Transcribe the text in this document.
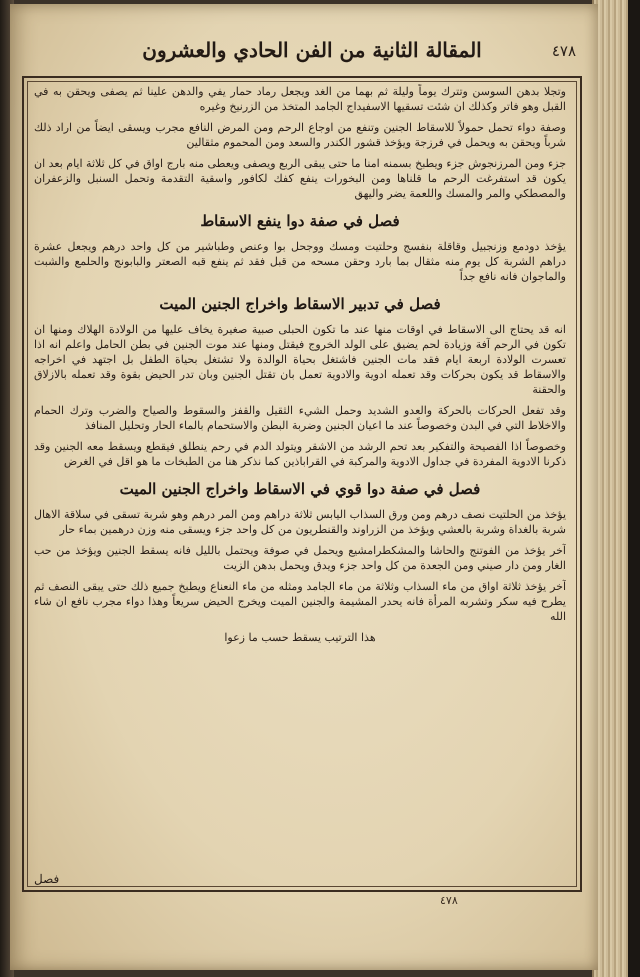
٤٧٨
المقالة الثانية من الفن الحادي والعشرون

وتجلا بدهن السوسن وتترك يوماً وليلة ثم بهما من الغد ويجعل رماد حمار يفي والدهن علينا ثم يصفى ويحقن به في القبل وهو فاتر وكذلك ان شئت تسقيها الاسفيداج الجامد المتخذ من الزرنيخ وغيره

وصفة دواء تحمل حمولاً للاسقاط الجنين وتنفع من اوجاع الرحم ومن المرض النافع مجرب ويسقى ايضاً من اراد ذلك شرباً ويحقن به ويحمل في فرزجة ويؤخذ قشور الكندر والسعد ومن المحموم مثقالين

جزء ومن المرزنجوش جزء ويطبخ بسمنه امنا ما حتى يبقى الربع ويصفى ويعطى منه بارج اواق في كل ثلاثة ايام بعد ان يكون قد استفرغت الرحم ما قلناها ومن البخورات ينفع كفك لكافور واسقية التقدمة وتحمل السنبل والزعفران والمصطكي والمر والمسك واللعمة يضر واليهق

فصل في صفة دوا ينفع الاسقاط

يؤخذ دودمع وزنجبيل وقاقلة بنفسج وحلتيت ومسك ووجحل بوا وعنص وطباشير من كل واحد درهم ويجعل عشرة دراهم الشربة كل يوم منه مثقال بما بارد وحقن مسحه من قبل فقد ثم ينفع قبه الصعتر والبابونج والحلمع والشبت والماجوان فانه نافع جداً

فصل في تدبير الاسقاط واخراج الجنين الميت

انه قد يحتاج الى الاسقاط في اوقات منها عند ما تكون الحبلى صبية صغيرة يخاف عليها من الولادة الهلاك ومنها ان تكون في الرحم آفة وزيادة لحم يضيق على الولد الخروج فيقتل ومنها عند موت الجنين في بطن الحامل واعلم انه اذا تعسرت الولادة اربعة ايام فقد مات الجنين فاشتغل بحياة الوالدة ولا تشتغل بحياة الطفل بل اجتهد في اخراجه والاسقاط قد يكون بحركات وقد تعمله ادوية والادوية تعمل بان تقتل الجنين وبان تدر الحيض بقوة وقد تعمله بالازلاق والحقنة

وقد تفعل الحركات بالحركة والعدو الشديد وحمل الشيء الثقيل والقفز والسقوط والصياح والضرب وترك الحمام والاخلاط التي في البدن وخصوصاً عند ما اعيان الجنين وضربة البطن والاستحمام بالماء الحار وتحليل المنافذ

وخصوصاً اذا الفصيحة والتفكير بعد تحم الرشد من الاشقر ويتولد الدم في رحم ينطلق فيقطع ويسقط معه الجنين وقد ذكرنا الادوية المفردة في جداول الادوية والمركبة في القراباذين كما نذكر هنا من الطبخات ما هو اقل في الغرض

فصل في صفة دوا قوي في الاسقاط واخراج الجنين الميت

يؤخذ من الحلتيت نصف درهم ومن ورق السذاب اليابس ثلاثة دراهم ومن المر درهم وهو شربة تسقى في سلاقة الاهال شربة بالغداة وشربة بالعشي ويؤخذ من الزراوند والقنطريون من كل واحد جزء ويسقى منه وزن درهمين بماء حار

آخر يؤخذ من الفوتنج والحاشا والمشكطرامشيع ويحمل في صوفة ويحتمل بالليل فانه يسقط الجنين ويؤخذ من حب الغار ومن دار صيني ومن الجعدة من كل واحد جزء ويدق ويحمل بدهن الزيت

آخر يؤخذ ثلاثة اواق من ماء السذاب وثلاثة من ماء الجامد ومثله من ماء النعناع ويطبخ جميع ذلك حتى يبقى النصف ثم يطرح فيه سكر وتشربه المرأة فانه يحدر المشيمة والجنين الميت ويخرج الحيض سريعاً وهذا دواء مجرب نافع ان شاء الله

هذا الترتيب يسقط حسب ما زعوا

فصل
٤٧٨
